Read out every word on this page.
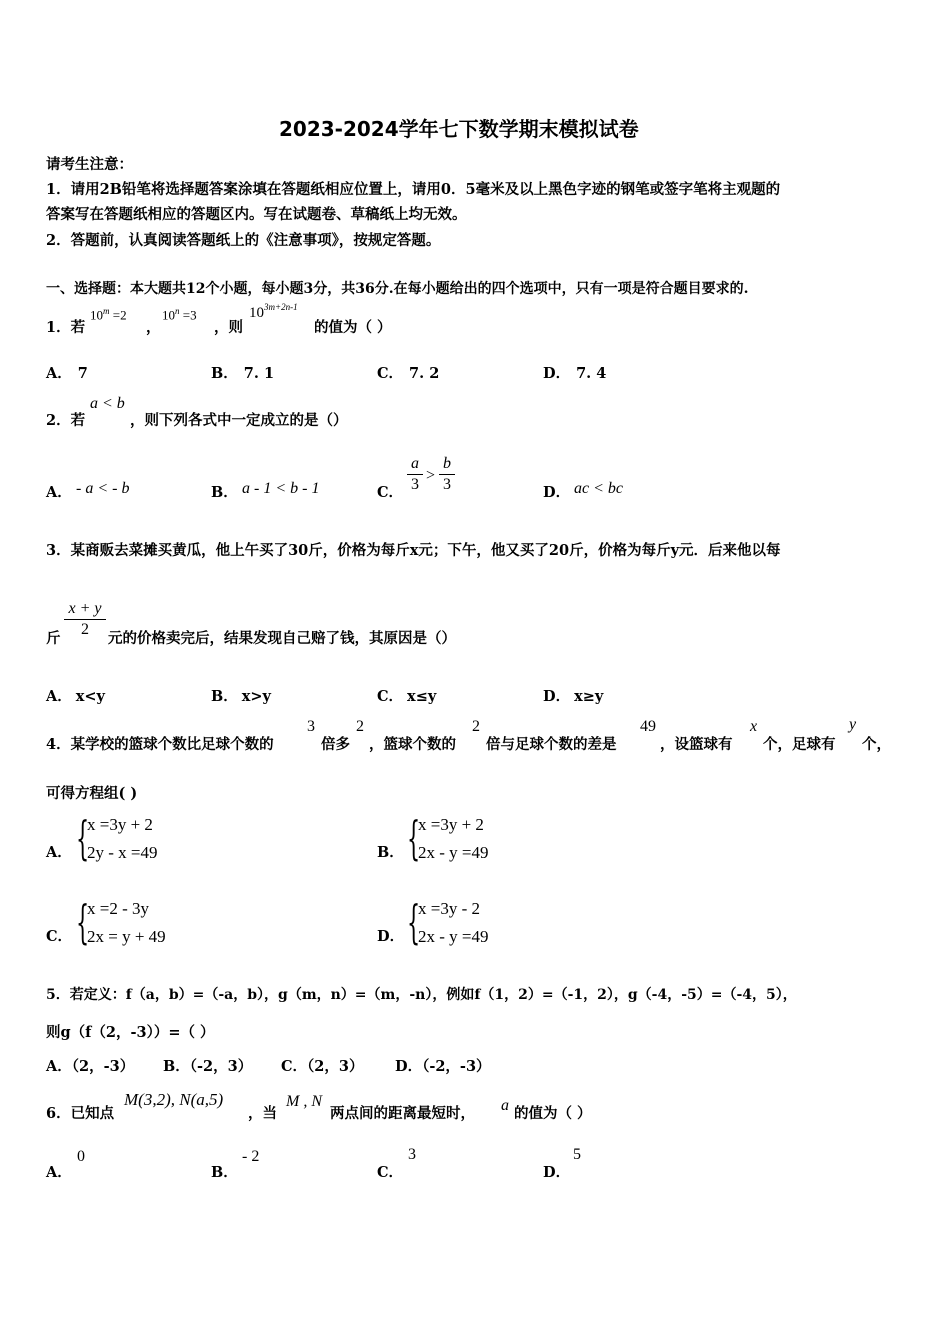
2023-2024学年七下数学期末模拟试卷
请考生注意：
1．请用2B铅笔将选择题答案涂填在答题纸相应位置上，请用0．5毫米及以上黑色字迹的钢笔或签字笔将主观题的
答案写在答题纸相应的答题区内。写在试题卷、草稿纸上均无效。
2．答题前，认真阅读答题纸上的《注意事项》，按规定答题。
一、选择题：本大题共12个小题，每小题3分，共36分.在每小题给出的四个选项中，只有一项是符合题目要求的.
1．若
$10^m =2$
，
$10^n =3$
，则
$10^{3m+2n-1}$
的值为（ ）
A． 7	B． 7. 1	C． 7. 2	D． 7. 4
2．若
a < b
，则下列各式中一定成立的是（）
A． - a < - b	B． a - 1 < b - 1	C．
a
3
>
b
3	D． ac < bc
3．某商贩去菜摊买黄瓜，他上午买了30斤，价格为每斤x元；下午，他又买了20斤，价格为每斤y元．后来他以每
斤
x + y
2
元的价格卖完后，结果发现自己赔了钱，其原因是（）
A． x<y	B． x>y	C． x≤y	D． x≥y
4．某学校的篮球个数比足球个数的
3
倍多
2
，篮球个数的
2
倍与足球个数的差是
49
，设篮球有
x
个，足球有
y
个，
可得方程组( )
A． {
x =3y + 2
2y - x =49	B． {
x =3y + 2
2x - y =49
C． {
x =2 - 3y
2x = y + 49	D． {
x =3y - 2
2x - y =49
5．若定义：f（a，b）=（-a，b），g（m，n）=（m，-n），例如f（1，2）=（-1，2），g（-4，-5）=（-4，5），
则g（f（2，-3））=（ ）
A．（2，-3） B．（-2，3） C．（2，3） D．（-2，-3）
6．已知点
M(3,2), N(a,5)
，当
M , N
两点间的距离最短时， a 的值为（ ）
A．
0
B．
- 2
C．
3
D．
5
